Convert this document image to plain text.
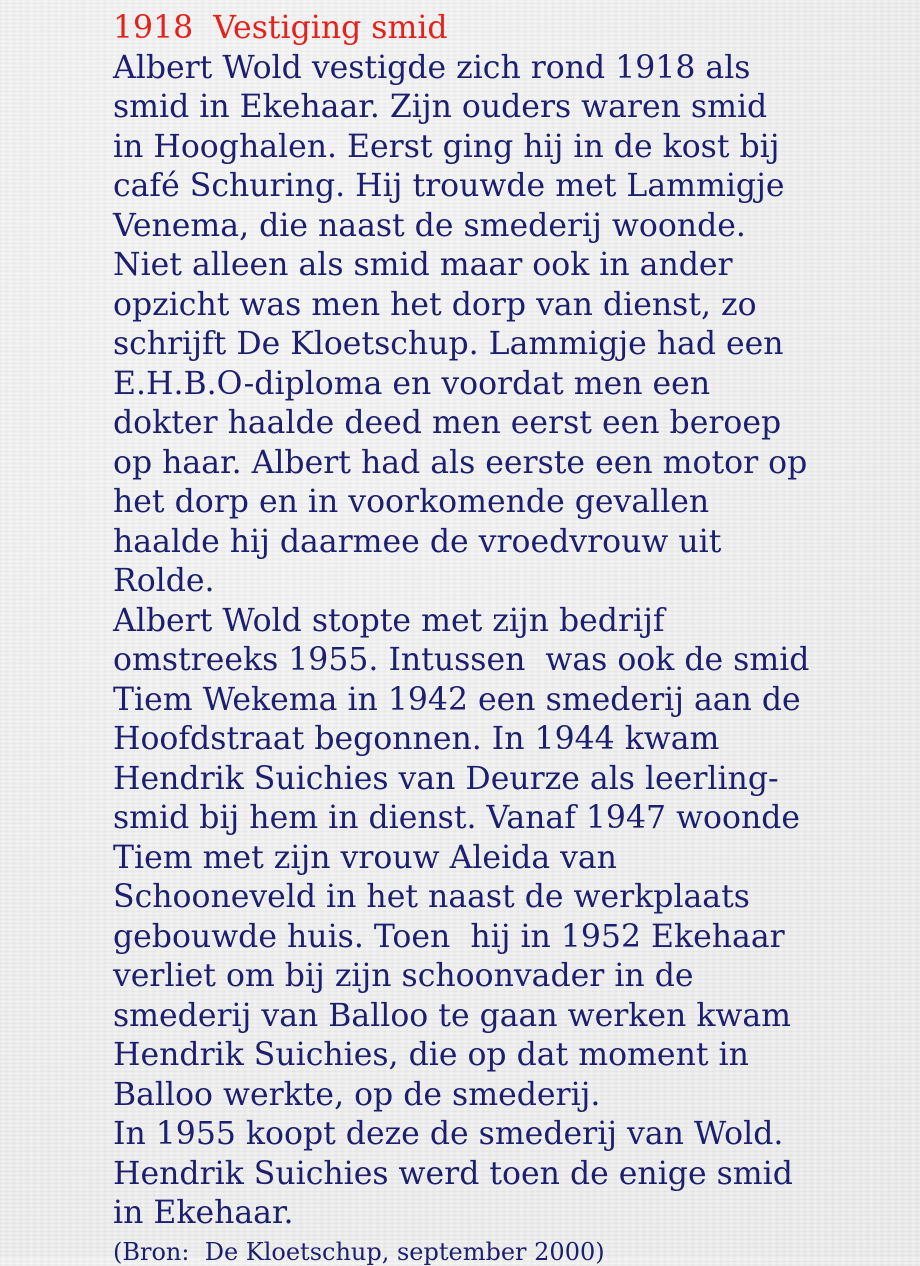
1918  Vestiging smid
Albert Wold vestigde zich rond 1918 als
smid in Ekehaar. Zijn ouders waren smid
in Hooghalen. Eerst ging hij in de kost bij
café Schuring. Hij trouwde met Lammigje
Venema, die naast de smederij woonde.
Niet alleen als smid maar ook in ander
opzicht was men het dorp van dienst, zo
schrijft De Kloetschup. Lammigje had een
E.H.B.O-diploma en voordat men een
dokter haalde deed men eerst een beroep
op haar. Albert had als eerste een motor op
het dorp en in voorkomende gevallen
haalde hij daarmee de vroedvrouw uit
Rolde.
Albert Wold stopte met zijn bedrijf
omstreeks 1955. Intussen  was ook de smid
Tiem Wekema in 1942 een smederij aan de
Hoofdstraat begonnen. In 1944 kwam
Hendrik Suichies van Deurze als leerling-
smid bij hem in dienst. Vanaf 1947 woonde
Tiem met zijn vrouw Aleida van
Schooneveld in het naast de werkplaats
gebouwde huis. Toen  hij in 1952 Ekehaar
verliet om bij zijn schoonvader in de
smederij van Balloo te gaan werken kwam
Hendrik Suichies, die op dat moment in
Balloo werkte, op de smederij.
In 1955 koopt deze de smederij van Wold.
Hendrik Suichies werd toen de enige smid
in Ekehaar.
(Bron:  De Kloetschup, september 2000)
